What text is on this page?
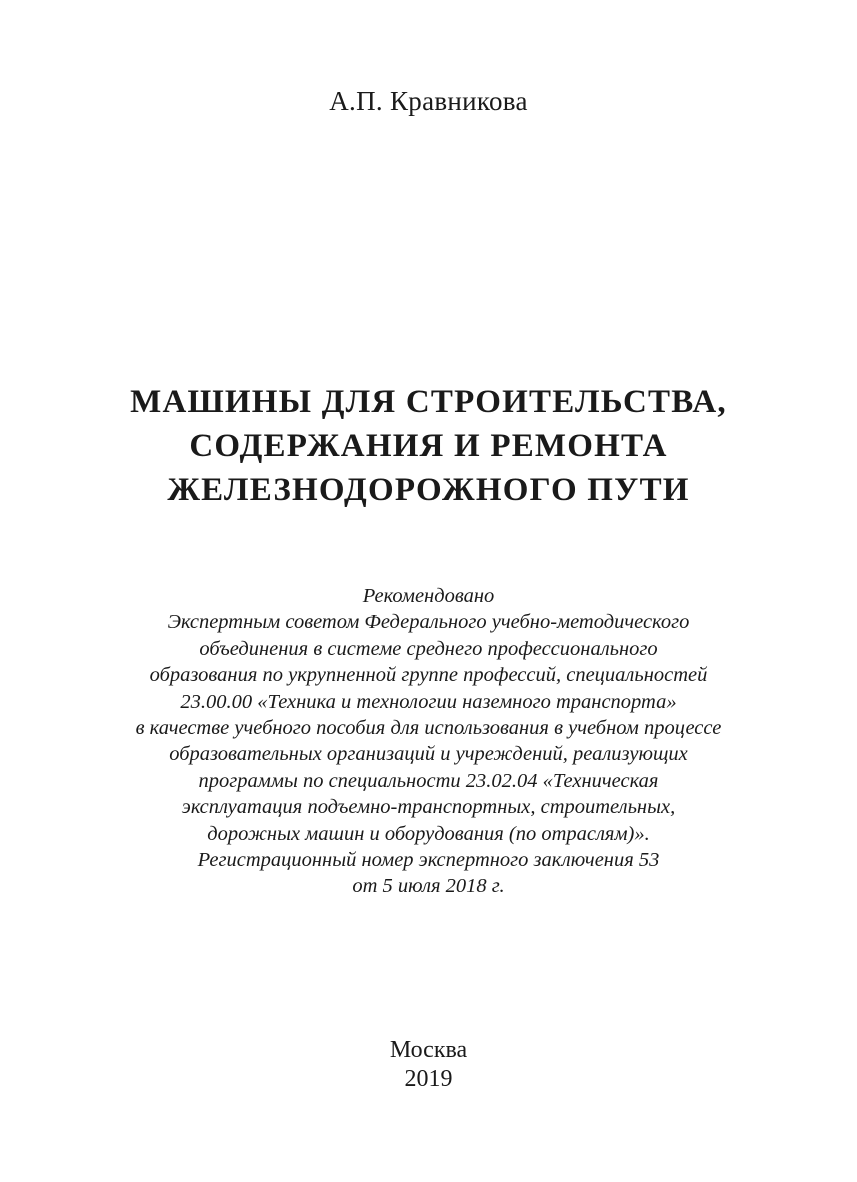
А.П. Кравникова
МАШИНЫ ДЛЯ СТРОИТЕЛЬСТВА,
СОДЕРЖАНИЯ И РЕМОНТА
ЖЕЛЕЗНОДОРОЖНОГО ПУТИ
Рекомендовано
Экспертным советом Федерального учебно-методического
объединения в системе среднего профессионального
образования по укрупненной группе профессий, специальностей
23.00.00 «Техника и технологии наземного транспорта»
в качестве учебного пособия для использования в учебном процессе
образовательных организаций и учреждений, реализующих
программы по специальности 23.02.04 «Техническая
эксплуатация подъемно-транспортных, строительных,
дорожных машин и оборудования (по отраслям)».
Регистрационный номер экспертного заключения 53
от 5 июля 2018 г.
Москва
2019
